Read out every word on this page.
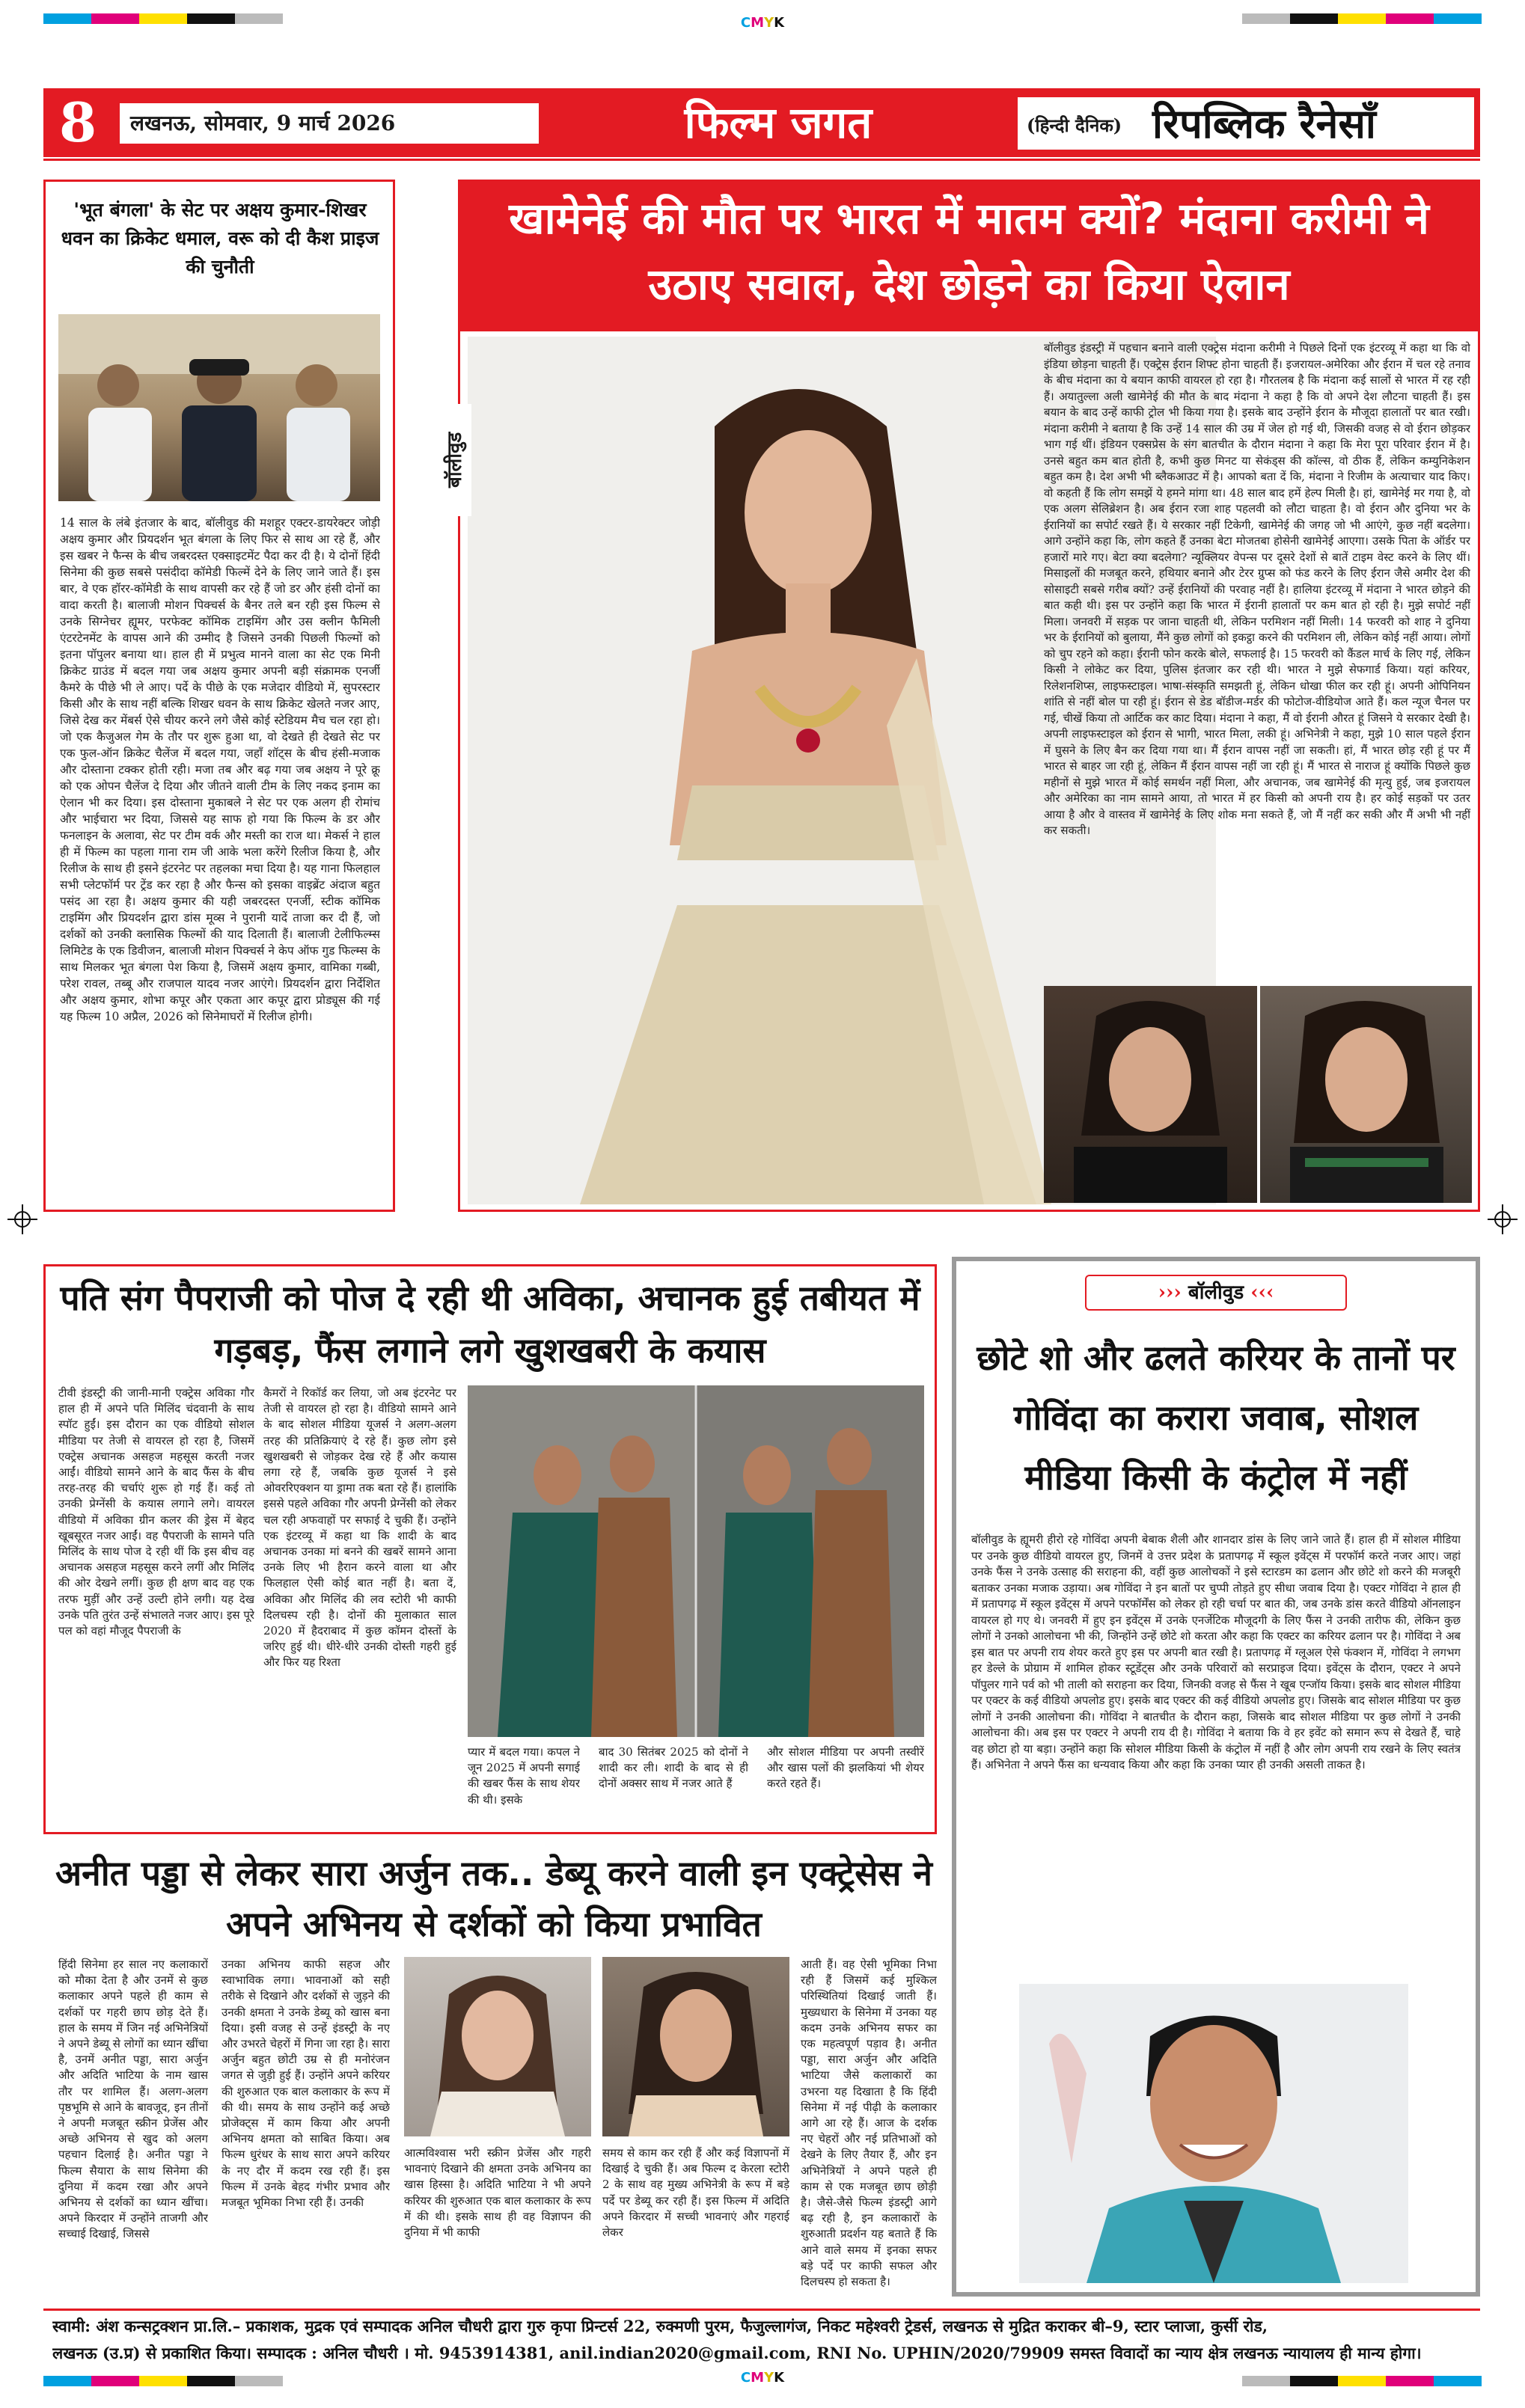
CMYK
CMYK
8	लखनऊ, सोमवार, 9 मार्च 2026	फिल्म जगत	(हिन्दी दैनिक) रिपब्लिक रैनेसाँ
'भूत बंगला' के सेट पर अक्षय कुमार-शिखर धवन का क्रिकेट धमाल, वरू को दी कैश प्राइज की चुनौती
14 साल के लंबे इंतजार के बाद, बॉलीवुड की मशहूर एक्टर-डायरेक्टर जोड़ी अक्षय कुमार और प्रियदर्शन भूत बंगला के लिए फिर से साथ आ रहे हैं, और इस खबर ने फैन्स के बीच जबरदस्त एक्साइटमेंट पैदा कर दी है। ये दोनों हिंदी सिनेमा की कुछ सबसे पसंदीदा कॉमेडी फिल्में देने के लिए जाने जाते हैं। इस बार, वे एक हॉरर-कॉमेडी के साथ वापसी कर रहे हैं जो डर और हंसी दोनों का वादा करती है। बालाजी मोशन पिक्चर्स के बैनर तले बन रही इस फिल्म से उनके सिग्नेचर ह्यूमर, परफेक्ट कॉमिक टाइमिंग और उस क्लीन फैमिली एंटरटेनमेंट के वापस आने की उम्मीद है जिसने उनकी पिछली फिल्मों को इतना पॉपुलर बनाया था। हाल ही में प्रभुत्व मानने वाला का सेट एक मिनी क्रिकेट ग्राउंड में बदल गया जब अक्षय कुमार अपनी बड़ी संक्रामक एनर्जी कैमरे के पीछे भी ले आए। पर्दे के पीछे के एक मजेदार वीडियो में, सुपरस्टार किसी और के साथ नहीं बल्कि शिखर धवन के साथ क्रिकेट खेलते नजर आए, जिसे देख कर मेंबर्स ऐसे चीयर करने लगे जैसे कोई स्टेडियम मैच चल रहा हो। जो एक कैजुअल गेम के तौर पर शुरू हुआ था, वो देखते ही देखते सेट पर एक फुल-ऑन क्रिकेट चैलेंज में बदल गया, जहाँ शॉट्स के बीच हंसी-मजाक और दोस्ताना टक्कर होती रही। मजा तब और बढ़ गया जब अक्षय ने पूरे क्रू को एक ओपन चैलेंज दे दिया और जीतने वाली टीम के लिए नकद इनाम का ऐलान भी कर दिया। इस दोस्ताना मुकाबले ने सेट पर एक अलग ही रोमांच और भाईचारा भर दिया, जिससे यह साफ हो गया कि फिल्म के डर और फनलाइन के अलावा, सेट पर टीम वर्क और मस्ती का राज था। मेकर्स ने हाल ही में फिल्म का पहला गाना राम जी आके भला करेंगे रिलीज किया है, और रिलीज के साथ ही इसने इंटरनेट पर तहलका मचा दिया है। यह गाना फिलहाल सभी प्लेटफॉर्म पर ट्रेंड कर रहा है और फैन्स को इसका वाइब्रेंट अंदाज बहुत पसंद आ रहा है। अक्षय कुमार की यही जबरदस्त एनर्जी, स्टीक कॉमिक टाइमिंग और प्रियदर्शन द्वारा डांस मूव्स ने पुरानी यादें ताजा कर दी हैं, जो दर्शकों को उनकी क्लासिक फिल्मों की याद दिलाती हैं। बालाजी टेलीफिल्म्स लिमिटेड के एक डिवीजन, बालाजी मोशन पिक्चर्स ने केप ऑफ गुड फिल्म्स के साथ मिलकर भूत बंगला पेश किया है, जिसमें अक्षय कुमार, वामिका गब्बी, परेश रावल, तब्बू और राजपाल यादव नजर आएंगे। प्रियदर्शन द्वारा निर्देशित और अक्षय कुमार, शोभा कपूर और एकता आर कपूर द्वारा प्रोड्यूस की गई यह फिल्म 10 अप्रैल, 2026 को सिनेमाघरों में रिलीज होगी।
खामेनेई की मौत पर भारत में मातम क्यों? मंदाना करीमी ने उठाए सवाल, देश छोड़ने का किया ऐलान
बॉलीवुड
बॉलीवुड इंडस्ट्री में पहचान बनाने वाली एक्ट्रेस मंदाना करीमी ने पिछले दिनों एक इंटरव्यू में कहा था कि वो इंडिया छोड़ना चाहती हैं। एक्ट्रेस ईरान शिफ्ट होना चाहती हैं। इजरायल-अमेरिका और ईरान में चल रहे तनाव के बीच मंदाना का ये बयान काफी वायरल हो रहा है। गौरतलब है कि मंदाना कई सालों से भारत में रह रही हैं। अयातुल्ला अली खामेनेई की मौत के बाद मंदाना ने कहा है कि वो अपने देश लौटना चाहती हैं। इस बयान के बाद उन्हें काफी ट्रोल भी किया गया है। इसके बाद उन्होंने ईरान के मौजूदा हालातों पर बात रखी। मंदाना करीमी ने बताया है कि उन्हें 14 साल की उम्र में जेल हो गई थी, जिसकी वजह से वो ईरान छोड़कर भाग गई थीं। इंडियन एक्सप्रेस के संग बातचीत के दौरान मंदाना ने कहा कि मेरा पूरा परिवार ईरान में है। उनसे बहुत कम बात होती है, कभी कुछ मिनट या सेकंड्स की कॉल्स, वो ठीक हैं, लेकिन कम्युनिकेशन बहुत कम है। देश अभी भी ब्लैकआउट में है। आपको बता दें कि, मंदाना ने रिजीम के अत्याचार याद किए। वो कहती हैं कि लोग समझें ये हमने मांगा था। 48 साल बाद हमें हेल्प मिली है। हां, खामेनेई मर गया है, वो एक अलग सेलिब्रेशन है। अब ईरान रजा शाह पहलवी को लौटा चाहता है। वो ईरान और दुनिया भर के ईरानियों का सपोर्ट रखते हैं। ये सरकार नहीं टिकेगी, खामेनेई की जगह जो भी आएंगे, कुछ नहीं बदलेगा। आगे उन्होंने कहा कि, लोग कहते हैं उनका बेटा मोजतबा होसेनी खामेनेई आएगा। उसके पिता के ऑर्डर पर हजारों मारे गए। बेटा क्या बदलेगा? न्यूक्लियर वेपन्स पर दूसरे देशों से बातें टाइम वेस्ट करने के लिए थीं। मिसाइलों की मजबूत करने, हथियार बनाने और टेरर ग्रुप्स को फंड करने के लिए ईरान जैसे अमीर देश की सोसाइटी सबसे गरीब क्यों? उन्हें ईरानियों की परवाह नहीं है। हालिया इंटरव्यू में मंदाना ने भारत छोड़ने की बात कही थी। इस पर उन्होंने कहा कि भारत में ईरानी हालातों पर कम बात हो रही है। मुझे सपोर्ट नहीं मिला। जनवरी में सड़क पर जाना चाहती थी, लेकिन परमिशन नहीं मिली। 14 फरवरी को शाह ने दुनिया भर के ईरानियों को बुलाया, मैंने कुछ लोगों को इकट्ठा करने की परमिशन ली, लेकिन कोई नहीं आया। लोगों को चुप रहने को कहा। ईरानी फोन करके बोले, सफलाई है। 15 फरवरी को कैंडल मार्च के लिए गई, लेकिन किसी ने लोकेट कर दिया, पुलिस इंतजार कर रही थी। भारत ने मुझे सेफगार्ड किया। यहां करियर, रिलेशनशिप्स, लाइफस्टाइल। भाषा-संस्कृति समझती हूं, लेकिन धोखा फील कर रही हूं। अपनी ओपिनियन शांति से नहीं बोल पा रही हूं। ईरान से डेड बॉडीज-मर्डर की फोटोज-वीडियोज आते हैं। कल न्यूज चैनल पर गई, चीखें किया तो आर्टिक कर काट दिया। मंदाना ने कहा, मैं वो ईरानी औरत हूं जिसने ये सरकार देखी है। अपनी लाइफस्टाइल को ईरान से भागी, भारत मिला, लकी हूं। अभिनेत्री ने कहा, मुझे 10 साल पहले ईरान में घुसने के लिए बैन कर दिया गया था। मैं ईरान वापस नहीं जा सकती। हां, मैं भारत छोड़ रही हूं पर मैं भारत से बाहर जा रही हूं, लेकिन मैं ईरान वापस नहीं जा रही हूं। मैं भारत से नाराज हूं क्योंकि पिछले कुछ महीनों से मुझे भारत में कोई समर्थन नहीं मिला, और अचानक, जब खामेनेई की मृत्यु हुई, जब इजरायल और अमेरिका का नाम सामने आया, तो भारत में हर किसी को अपनी राय है। हर कोई सड़कों पर उतर आया है और वे वास्तव में खामेनेई के लिए शोक मना सकते हैं, जो मैं नहीं कर सकी और मैं अभी भी नहीं कर सकती।
पति संग पैपराजी को पोज दे रही थी अविका, अचानक हुई तबीयत में गड़बड़, फैंस लगाने लगे खुशखबरी के कयास
टीवी इंडस्ट्री की जानी-मानी एक्ट्रेस अविका गौर हाल ही में अपने पति मिलिंद चंदवानी के साथ स्पॉट हुईं। इस दौरान का एक वीडियो सोशल मीडिया पर तेजी से वायरल हो रहा है, जिसमें एक्ट्रेस अचानक असहज महसूस करती नजर आईं। वीडियो सामने आने के बाद फैंस के बीच तरह-तरह की चर्चाएं शुरू हो गई हैं। कई तो उनकी प्रेग्नेंसी के कयास लगाने लगे। वायरल वीडियो में अविका ग्रीन कलर की ड्रेस में बेहद खूबसूरत नजर आईं। वह पैपराजी के सामने पति मिलिंद के साथ पोज दे रही थीं कि इस बीच वह अचानक असहज महसूस करने लगीं और मिलिंद की ओर देखने लगीं। कुछ ही क्षण बाद वह एक तरफ मुड़ीं और उन्हें उल्टी होने लगी। यह देख उनके पति तुरंत उन्हें संभालते नजर आए। इस पूरे पल को वहां मौजूद पैपराजी के
कैमरों ने रिकॉर्ड कर लिया, जो अब इंटरनेट पर तेजी से वायरल हो रहा है। वीडियो सामने आने के बाद सोशल मीडिया यूजर्स ने अलग-अलग तरह की प्रतिक्रियाएं दे रहे हैं। कुछ लोग इसे खुशखबरी से जोड़कर देख रहे हैं और कयास लगा रहे हैं, जबकि कुछ यूजर्स ने इसे ओवररिएक्शन या ड्रामा तक बता रहे हैं। हालांकि इससे पहले अविका गौर अपनी प्रेग्नेंसी को लेकर चल रही अफवाहों पर सफाई दे चुकी हैं। उन्होंने एक इंटरव्यू में कहा था कि शादी के बाद अचानक उनका मां बनने की खबरें सामने आना उनके लिए भी हैरान करने वाला था और फिलहाल ऐसी कोई बात नहीं है। बता दें, अविका और मिलिंद की लव स्टोरी भी काफी दिलचस्प रही है। दोनों की मुलाकात साल 2020 में हैदराबाद में कुछ कॉमन दोस्तों के जरिए हुई थी। धीरे-धीरे उनकी दोस्ती गहरी हुई और फिर यह रिश्ता
प्यार में बदल गया। कपल ने जून 2025 में अपनी सगाई की खबर फैंस के साथ शेयर की थी। इसके
बाद 30 सितंबर 2025 को दोनों ने शादी कर ली। शादी के बाद से ही दोनों अक्सर साथ में नजर आते हैं
और सोशल मीडिया पर अपनी तस्वीरें और खास पलों की झलकियां भी शेयर करते रहते हैं।
››› बॉलीवुड ‹‹‹
छोटे शो और ढलते करियर के तानों पर गोविंदा का करारा जवाब, सोशल मीडिया किसी के कंट्रोल में नहीं
बॉलीवुड के ह्यूमरी हीरो रहे गोविंदा अपनी बेबाक शैली और शानदार डांस के लिए जाने जाते हैं। हाल ही में सोशल मीडिया पर उनके कुछ वीडियो वायरल हुए, जिनमें वे उत्तर प्रदेश के प्रतापगढ़ में स्कूल इवेंट्स में परफॉर्म करते नजर आए। जहां उनके फैंस ने उनके उत्साह की सराहना की, वहीं कुछ आलोचकों ने इसे स्टारडम का ढलान और छोटे शो करने की मजबूरी बताकर उनका मजाक उड़ाया। अब गोविंदा ने इन बातों पर चुप्पी तोड़ते हुए सीधा जवाब दिया है। एक्टर गोविंदा ने हाल ही में प्रतापगढ़ में स्कूल इवेंट्स में अपने परफॉर्मेंस को लेकर हो रही चर्चा पर बात की, जब उनके डांस करते वीडियो ऑनलाइन वायरल हो गए थे। जनवरी में हुए इन इवेंट्स में उनके एनर्जेटिक मौजूदगी के लिए फैंस ने उनकी तारीफ की, लेकिन कुछ लोगों ने उनको आलोचना भी की, जिन्होंने उन्हें छोटे शो करता और कहा कि एक्टर का करियर ढलान पर है। गोविंदा ने अब इस बात पर अपनी राय शेयर करते हुए इस पर अपनी बात रखी है। प्रतापगढ़ में ग्लूअल ऐसे फंक्शन में, गोविंदा ने लगभग हर डेल्ले के प्रोग्राम में शामिल होकर स्टूडेंट्स और उनके परिवारों को सरप्राइज दिया। इवेंट्स के दौरान, एक्टर ने अपने पॉपुलर गाने पर्व को भी ताली को सराहना कर दिया, जिनकी वजह से फैंस ने खूब एन्जॉय किया। इसके बाद सोशल मीडिया पर एक्टर के कई वीडियो अपलोड हुए। इसके बाद एक्टर की कई वीडियो अपलोड हुए। जिसके बाद सोशल मीडिया पर कुछ लोगों ने उनकी आलोचना की। गोविंदा ने बातचीत के दौरान कहा, जिसके बाद सोशल मीडिया पर कुछ लोगों ने उनकी आलोचना की। अब इस पर एक्टर ने अपनी राय दी है। गोविंदा ने बताया कि वे हर इवेंट को समान रूप से देखते हैं, चाहे वह छोटा हो या बड़ा। उन्होंने कहा कि सोशल मीडिया किसी के कंट्रोल में नहीं है और लोग अपनी राय रखने के लिए स्वतंत्र हैं। अभिनेता ने अपने फैंस का धन्यवाद किया और कहा कि उनका प्यार ही उनकी असली ताकत है।
अनीत पड्डा से लेकर सारा अर्जुन तक.. डेब्यू करने वाली इन एक्ट्रेसेस ने अपने अभिनय से दर्शकों को किया प्रभावित
हिंदी सिनेमा हर साल नए कलाकारों को मौका देता है और उनमें से कुछ कलाकार अपने पहले ही काम से दर्शकों पर गहरी छाप छोड़ देते हैं। हाल के समय में जिन नई अभिनेत्रियों ने अपने डेब्यू से लोगों का ध्यान खींचा है, उनमें अनीत पड्डा, सारा अर्जुन और अदिति भाटिया के नाम खास तौर पर शामिल हैं। अलग-अलग पृष्ठभूमि से आने के बावजूद, इन तीनों ने अपनी मजबूत स्क्रीन प्रेजेंस और अच्छे अभिनय से खुद को अलग पहचान दिलाई है। अनीत पड्डा ने फिल्म सैयारा के साथ सिनेमा की दुनिया में कदम रखा और अपने अभिनय से दर्शकों का ध्यान खींचा। अपने किरदार में उन्होंने ताजगी और सच्चाई दिखाई, जिससे
उनका अभिनय काफी सहज और स्वाभाविक लगा। भावनाओं को सही तरीके से दिखाने और दर्शकों से जुड़ने की उनकी क्षमता ने उनके डेब्यू को खास बना दिया। इसी वजह से उन्हें इंडस्ट्री के नए और उभरते चेहरों में गिना जा रहा है। सारा अर्जुन बहुत छोटी उम्र से ही मनोरंजन जगत से जुड़ी हुई हैं। उन्होंने अपने करियर की शुरुआत एक बाल कलाकार के रूप में की थी। समय के साथ उन्होंने कई अच्छे प्रोजेक्ट्स में काम किया और अपनी अभिनय क्षमता को साबित किया। अब फिल्म धुरंधर के साथ सारा अपने करियर के नए दौर में कदम रख रही हैं। इस फिल्म में उनके बेहद गंभीर प्रभाव और मजबूत भूमिका निभा रही हैं। उनकी
आत्मविश्वास भरी स्क्रीन प्रेजेंस और गहरी भावनाएं दिखाने की क्षमता उनके अभिनय का खास हिस्सा है। अदिति भाटिया ने भी अपने करियर की शुरुआत एक बाल कलाकार के रूप में की थी। इसके साथ ही वह विज्ञापन की दुनिया में भी काफी
समय से काम कर रही हैं और कई विज्ञापनों में दिखाई दे चुकी हैं। अब फिल्म द केरला स्टोरी 2 के साथ वह मुख्य अभिनेत्री के रूप में बड़े पर्दे पर डेब्यू कर रही हैं। इस फिल्म में अदिति अपने किरदार में सच्ची भावनाएं और गहराई लेकर
आती हैं। वह ऐसी भूमिका निभा रही हैं जिसमें कई मुश्किल परिस्थितियां दिखाई जाती हैं। मुख्यधारा के सिनेमा में उनका यह कदम उनके अभिनय सफर का एक महत्वपूर्ण पड़ाव है। अनीत पड्डा, सारा अर्जुन और अदिति भाटिया जैसे कलाकारों का उभरना यह दिखाता है कि हिंदी सिनेमा में नई पीढ़ी के कलाकार आगे आ रहे हैं। आज के दर्शक नए चेहरों और नई प्रतिभाओं को देखने के लिए तैयार हैं, और इन अभिनेत्रियों ने अपने पहले ही काम से एक मजबूत छाप छोड़ी है। जैसे-जैसे फिल्म इंडस्ट्री आगे बढ़ रही है, इन कलाकारों के शुरुआती प्रदर्शन यह बताते हैं कि आने वाले समय में इनका सफर बड़े पर्दे पर काफी सफल और दिलचस्प हो सकता है।
स्वामी: अंश कन्सट्रक्शन प्रा.लि.– प्रकाशक, मुद्रक एवं सम्पादक अनिल चौधरी द्वारा गुरु कृपा प्रिन्टर्स 22, रुक्मणी पुरम, फैजुल्लागंज, निकट महेश्वरी ट्रेडर्स, लखनऊ से मुद्रित कराकर बी–9, स्टार प्लाजा, कुर्सी रोड,
लखनऊ (उ.प्र) से प्रकाशित किया। सम्पादक : अनिल चौधरी । मो. 9453914381, anil.indian2020@gmail.com, RNI No. UPHIN/2020/79909 समस्त विवादों का न्याय क्षेत्र लखनऊ न्यायालय ही मान्य होगा।
